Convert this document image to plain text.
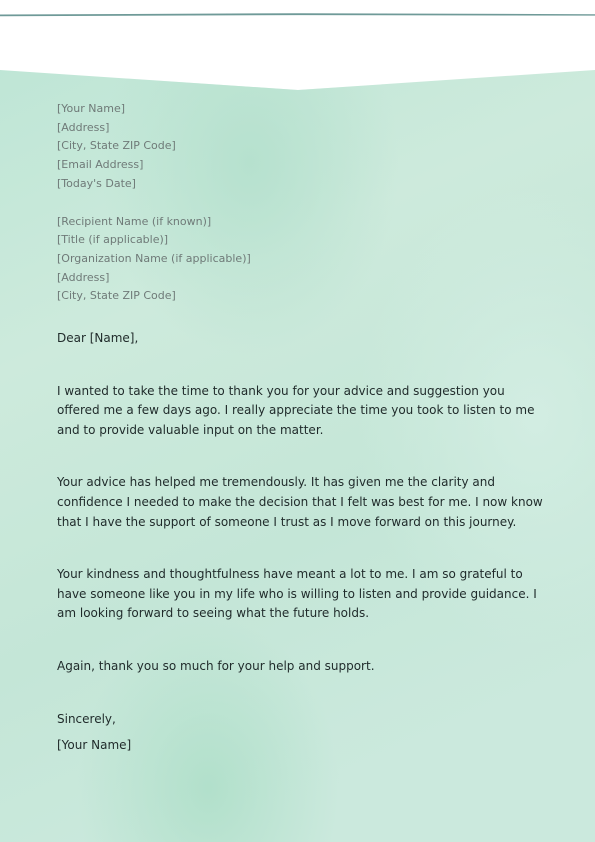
[Your Name]
[Address]
[City, State ZIP Code]
[Email Address]
[Today's Date]
[Recipient Name (if known)]
[Title (if applicable)]
[Organization Name (if applicable)]
[Address]
[City, State ZIP Code]
Dear [Name],
I wanted to take the time to thank you for your advice and suggestion you offered me a few days ago. I really appreciate the time you took to listen to me and to provide valuable input on the matter.
Your advice has helped me tremendously. It has given me the clarity and confidence I needed to make the decision that I felt was best for me. I now know that I have the support of someone I trust as I move forward on this journey.
Your kindness and thoughtfulness have meant a lot to me. I am so grateful to have someone like you in my life who is willing to listen and provide guidance. I am looking forward to seeing what the future holds.
Again, thank you so much for your help and support.
Sincerely,
[Your Name]
